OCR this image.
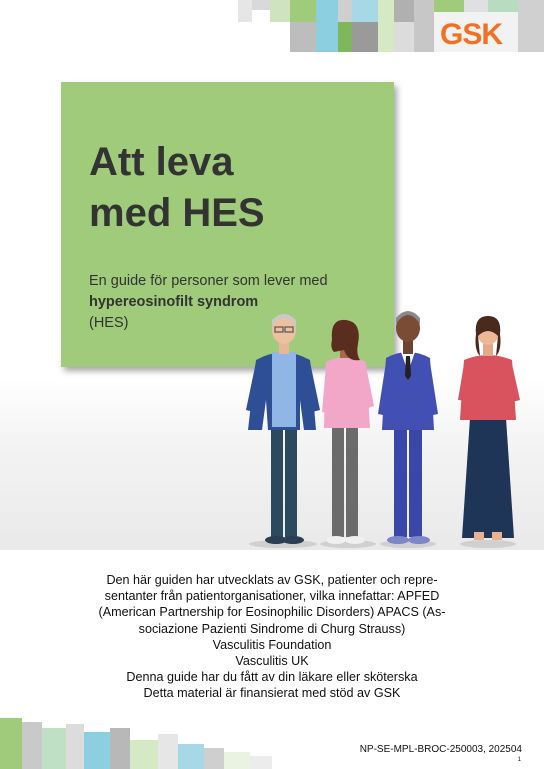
GSK
Att leva
med HES
En guide för personer som lever med hypereosinofilt syndrom
(HES)
Den här guiden har utvecklats av GSK, patienter och repre-
sentanter från patientorganisationer, vilka innefattar: APFED
(American Partnership for Eosinophilic Disorders) APACS (As-
sociazione Pazienti Sindrome di Churg Strauss)
Vasculitis Foundation
Vasculitis UK
Denna guide har du fått av din läkare eller sköterska
Detta material är finansierat med stöd av GSK
NP-SE-MPL-BROC-250003, 202504
1
